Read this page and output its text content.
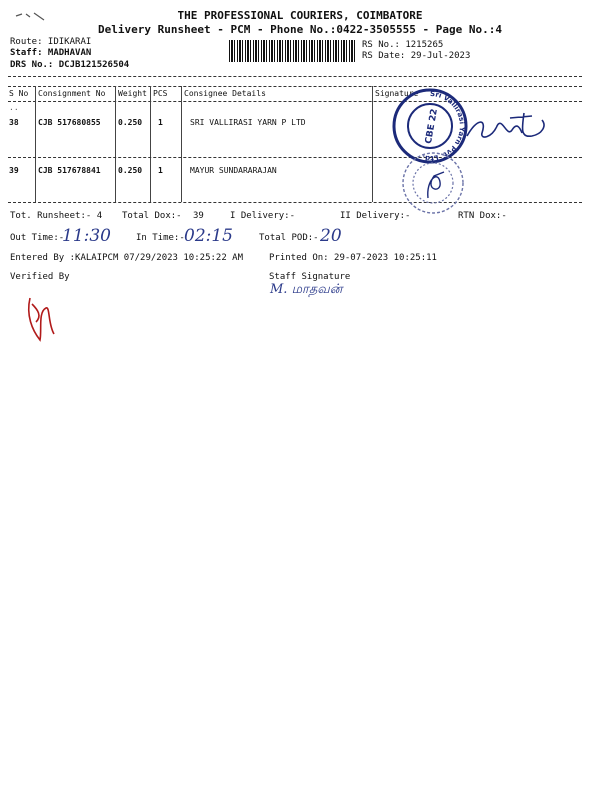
THE PROFESSIONAL COURIERS, COIMBATORE
Delivery Runsheet - PCM - Phone No.:0422-3505555 - Page No.:4
Route: IDIKARAI
Staff: MADHAVAN
DRS No.: DCJB121526504
RS No.: 1215265
RS Date: 29-Jul-2023
S No Consignment No Weight PCS Consignee Details	Signature
..
38 CJB 517680855 0.250 1	SRI VALLIRASI YARN P LTD
39 CJB 517678841 0.250 1	MAYUR SUNDARARAJAN
Sri Vallirasi Yarn Pvt. Ltd.
CBE 22
Tot. Runsheet:- 4 Total Dox:- 39	I Delivery:-	II Delivery:-	RTN Dox:-
Out Time:-
11:30	In Time:- 02:15	Total POD:- 20
Entered By :KALAIPCM 07/29/2023 10:25:22 AM	Printed On: 29-07-2023 10:25:11
Verified By	Staff Signature
M. மாதவன்
